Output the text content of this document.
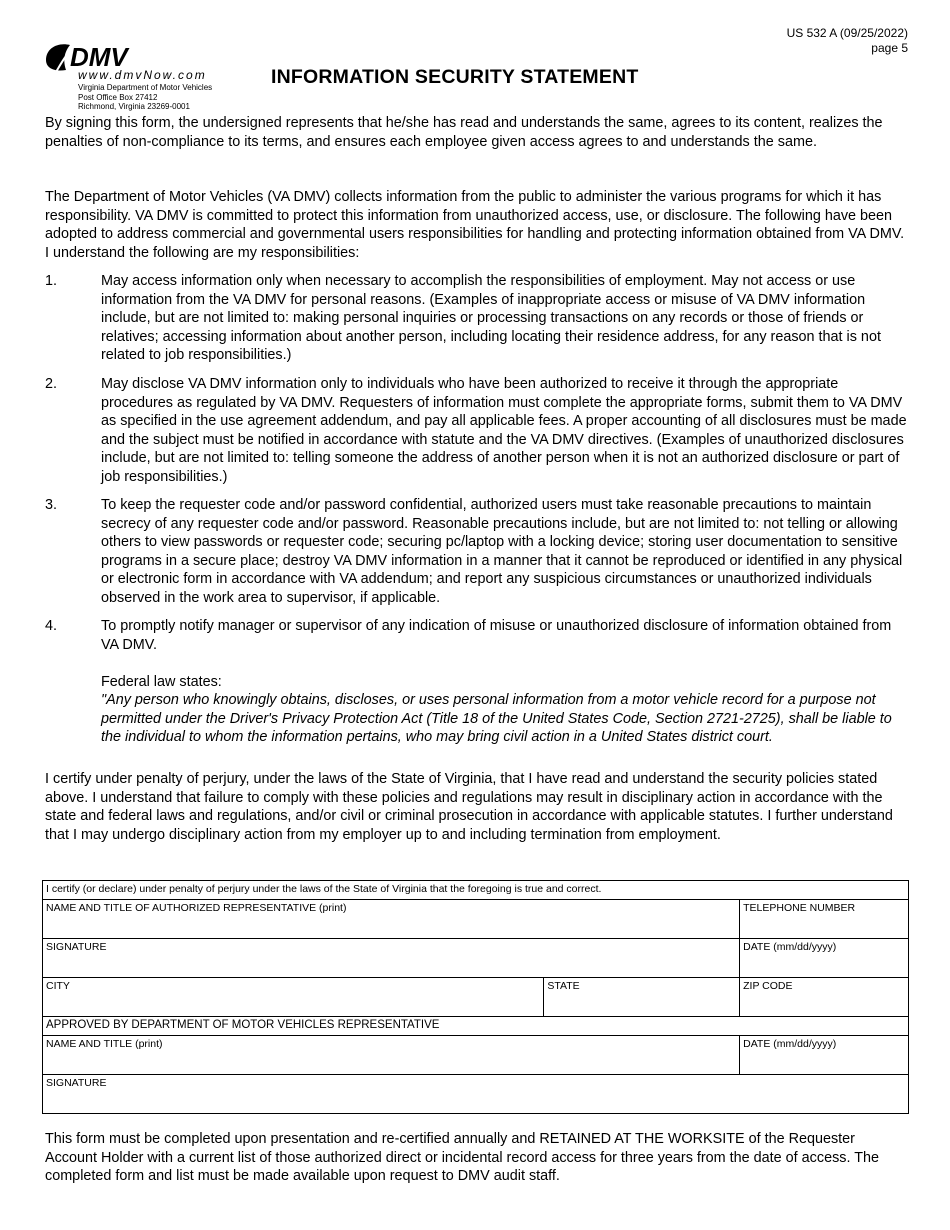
US 532 A (09/25/2022)
page 5
DMV
www.dmvNow.com
Virginia Department of Motor Vehicles
Post Office Box 27412
Richmond, Virginia 23269-0001
INFORMATION SECURITY STATEMENT
By signing this form, the undersigned represents that he/she has read and understands the same, agrees to its content, realizes the penalties of non-compliance to its terms, and ensures each employee given access agrees to and understands the same.
The Department of Motor Vehicles (VA DMV) collects information from the public to administer the various programs for which it has responsibility. VA DMV is committed to protect this information from unauthorized access, use, or disclosure. The following have been adopted to address commercial and governmental users responsibilities for handling and protecting information obtained from VA DMV. I understand the following are my responsibilities:
1.	May access information only when necessary to accomplish the responsibilities of employment. May not access or use information from the VA DMV for personal reasons. (Examples of inappropriate access or misuse of VA DMV information include, but are not limited to: making personal inquiries or processing transactions on any records or those of friends or relatives; accessing information about another person, including locating their residence address, for any reason that is not related to job responsibilities.)
2.	May disclose VA DMV information only to individuals who have been authorized to receive it through the appropriate procedures as regulated by VA DMV. Requesters of information must complete the appropriate forms, submit them to VA DMV as specified in the use agreement addendum, and pay all applicable fees. A proper accounting of all disclosures must be made and the subject must be notified in accordance with statute and the VA DMV directives. (Examples of unauthorized disclosures include, but are not limited to: telling someone the address of another person when it is not an authorized disclosure or part of job responsibilities.)
3.	To keep the requester code and/or password confidential, authorized users must take reasonable precautions to maintain secrecy of any requester code and/or password. Reasonable precautions include, but are not limited to: not telling or allowing others to view passwords or requester code; securing pc/laptop with a locking device; storing user documentation to sensitive programs in a secure place; destroy VA DMV information in a manner that it cannot be reproduced or identified in any physical or electronic form in accordance with VA addendum; and report any suspicious circumstances or unauthorized individuals observed in the work area to supervisor, if applicable.
4.	To promptly notify manager or supervisor of any indication of misuse or unauthorized disclosure of information obtained from VA DMV.
Federal law states:
"Any person who knowingly obtains, discloses, or uses personal information from a motor vehicle record for a purpose not permitted under the Driver's Privacy Protection Act (Title 18 of the United States Code, Section 2721-2725), shall be liable to the individual to whom the information pertains, who may bring civil action in a United States district court.
I certify under penalty of perjury, under the laws of the State of Virginia, that I have read and understand the security policies stated above. I understand that failure to comply with these policies and regulations may result in disciplinary action in accordance with the state and federal laws and regulations, and/or civil or criminal prosecution in accordance with applicable statutes. I further understand that I may undergo disciplinary action from my employer up to and including termination from employment.
I certify (or declare) under penalty of perjury under the laws of the State of Virginia that the foregoing is true and correct.		

NAME AND TITLE OF AUTHORIZED REPRESENTATIVE (print)		TELEPHONE NUMBER

SIGNATURE		DATE (mm/dd/yyyy)

CITY	STATE	ZIP CODE

APPROVED BY DEPARTMENT OF MOTOR VEHICLES REPRESENTATIVE		

NAME AND TITLE (print)		DATE (mm/dd/yyyy)

SIGNATURE		
This form must be completed upon presentation and re-certified annually and RETAINED AT THE WORKSITE of the Requester Account Holder with a current list of those authorized direct or incidental record access for three years from the date of access. The completed form and list must be made available upon request to DMV audit staff.
